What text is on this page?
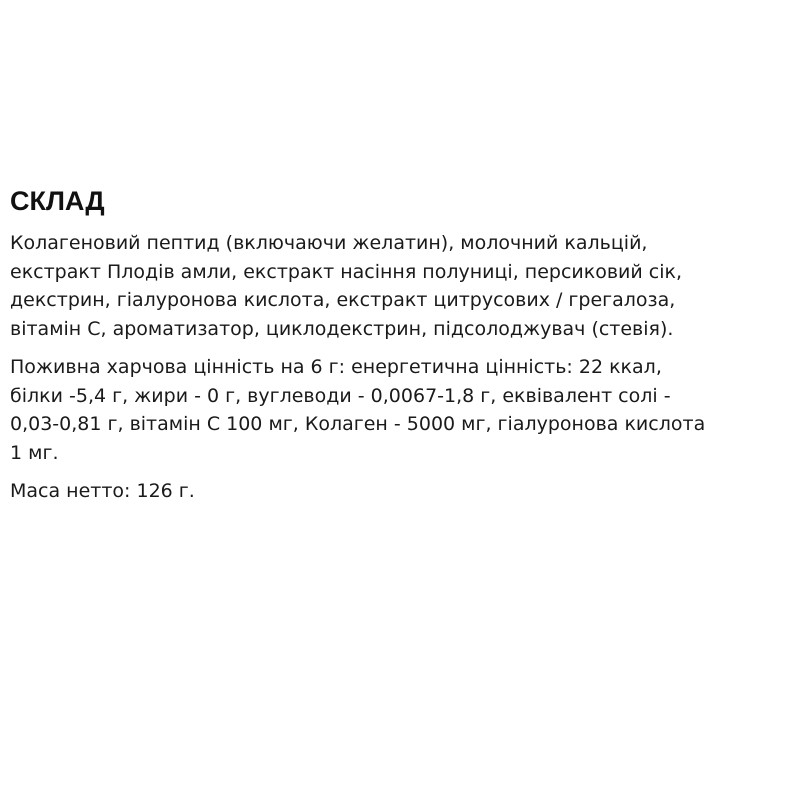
СКЛАД

Колагеновий пептид (включаючи желатин), молочний кальцій,
екстракт Плодів амли, екстракт насіння полуниці, персиковий сік,
декстрин, гіалуронова кислота, екстракт цитрусових / грегалоза,
вітамін C, ароматизатор, циклодекстрин, підсолоджувач (стевія).

Поживна харчова цінність на 6 г: енергетична цінність: 22 ккал,
білки -5,4 г, жири - 0 г, вуглеводи - 0,0067-1,8 г, еквівалент солі -
0,03-0,81 г, вітамін С 100 мг, Колаген - 5000 мг, гіалуронова кислота
1 мг.

Маса нетто: 126 г.
